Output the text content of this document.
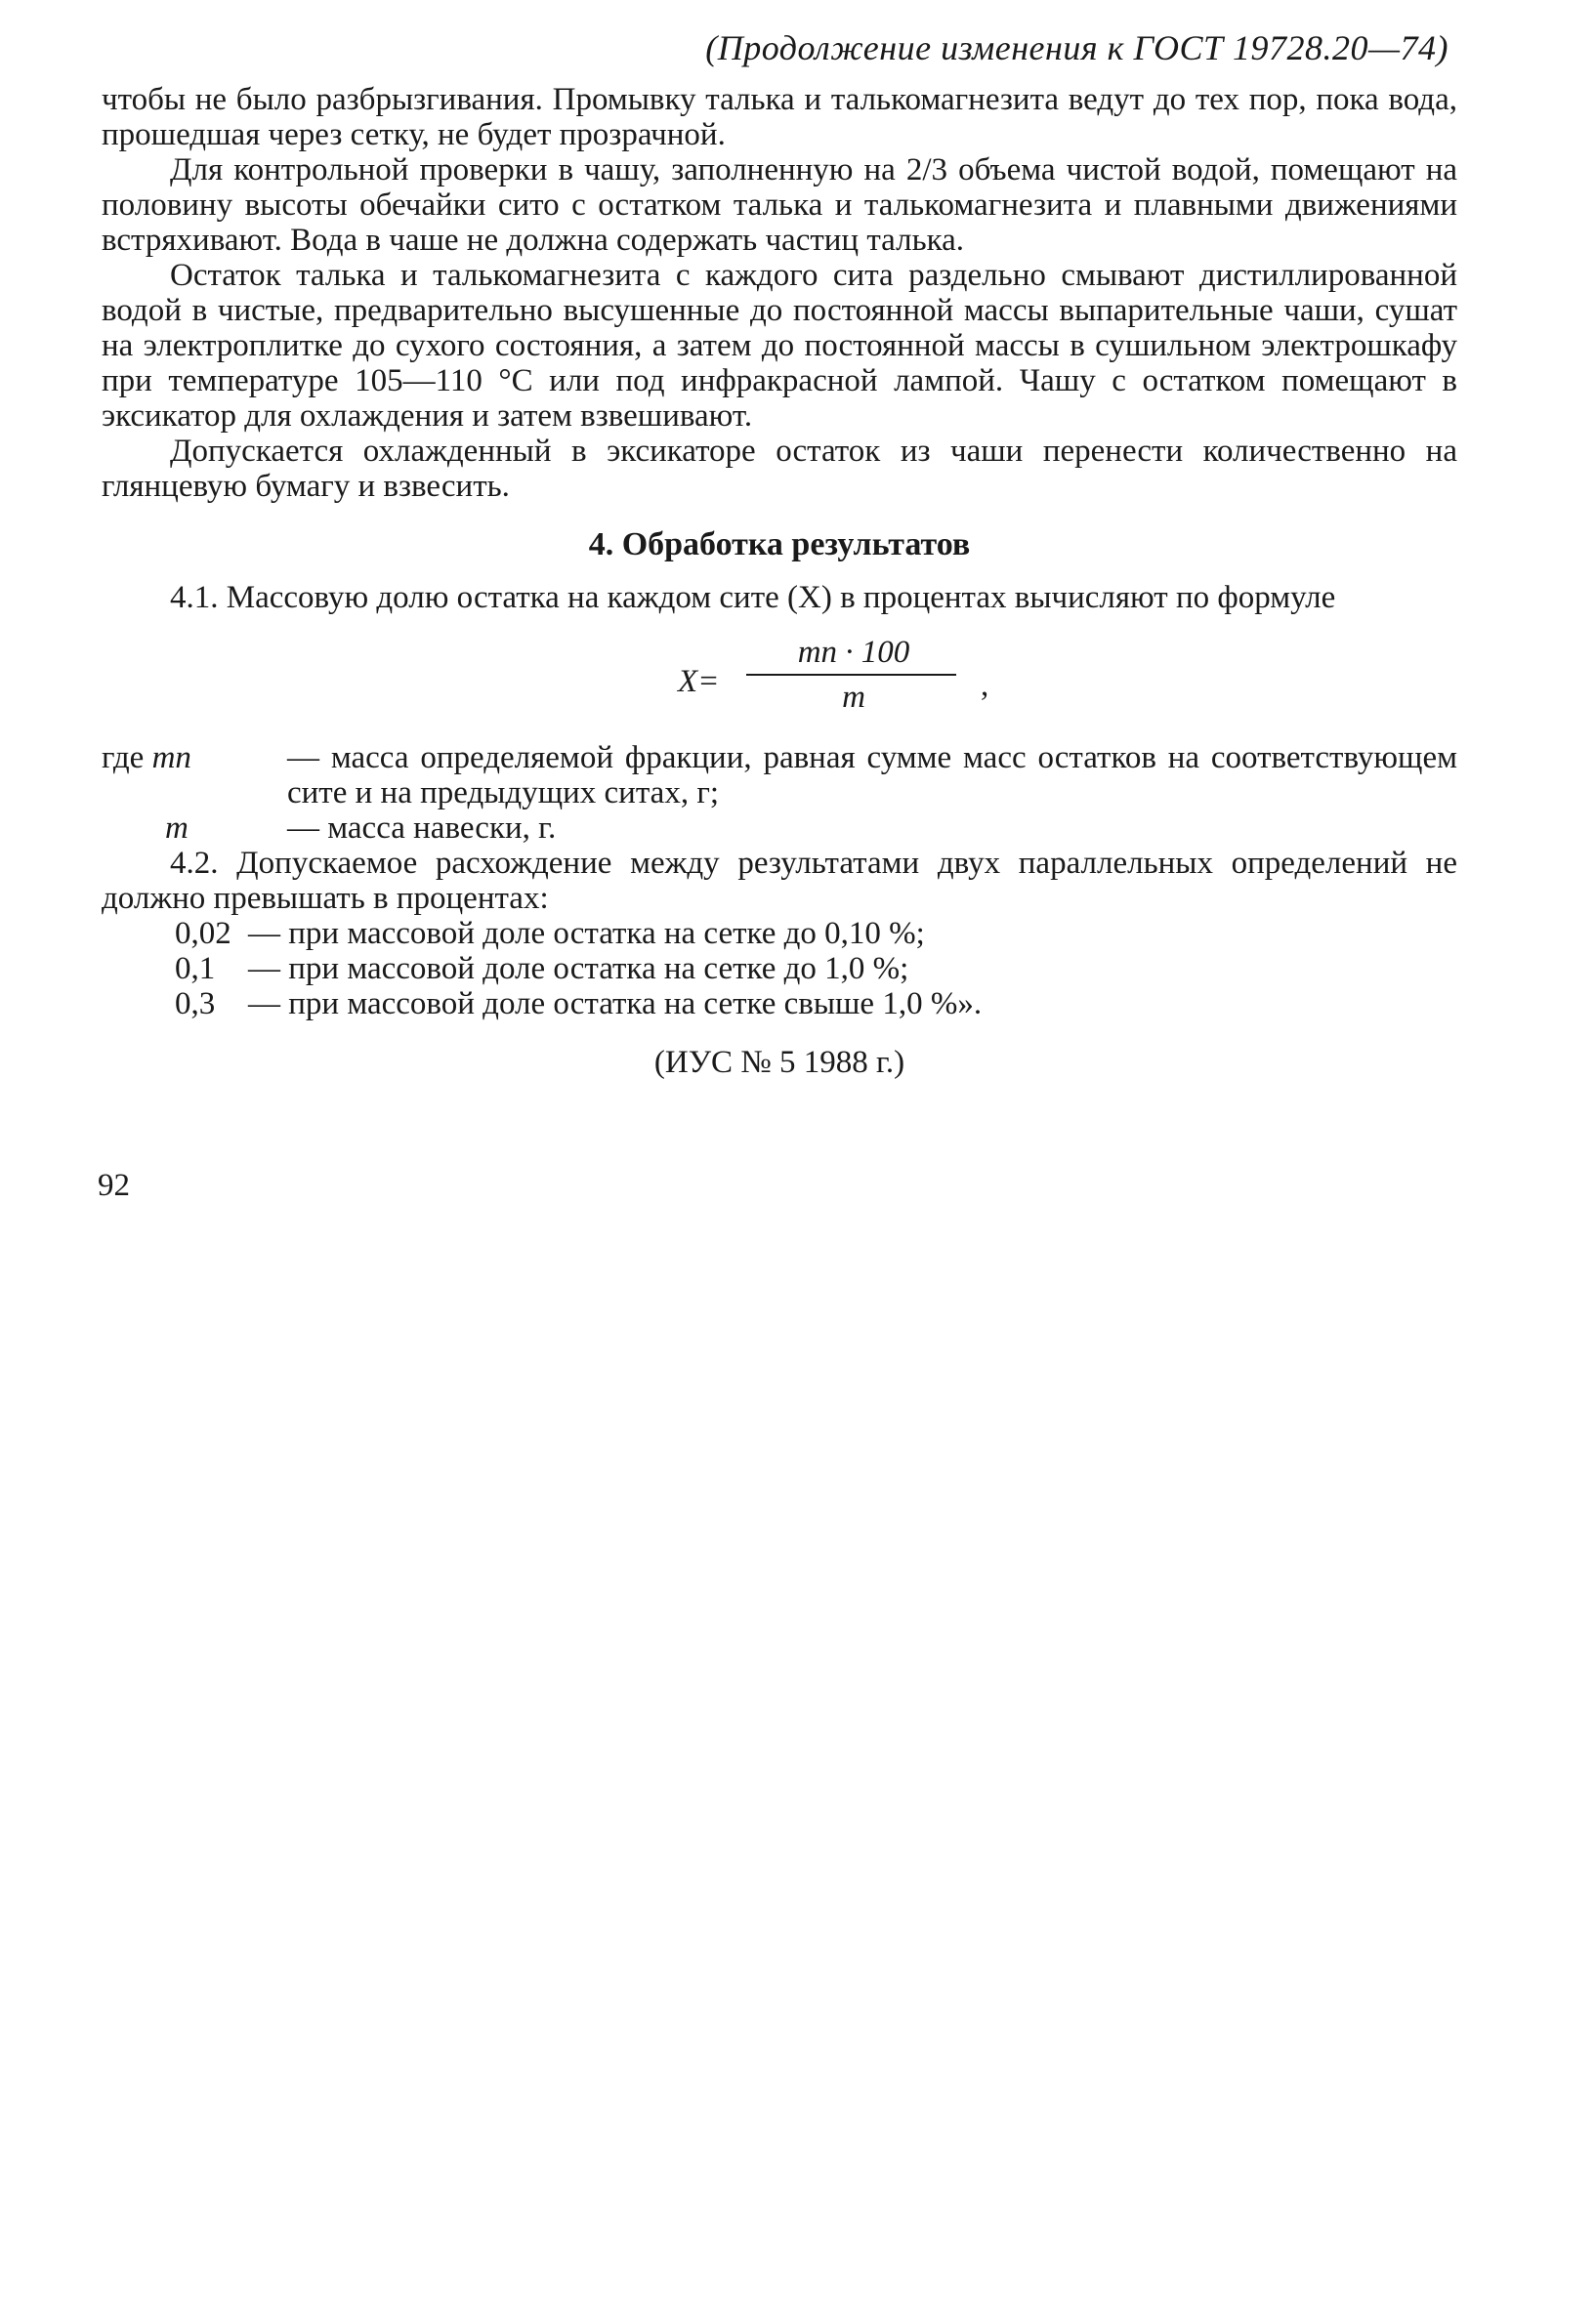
(Продолжение изменения к ГОСТ 19728.20—74)

чтобы не было разбрызгивания. Промывку талька и талькомагнезита ведут до тех пор, пока вода, прошедшая через сетку, не будет прозрачной.

Для контрольной проверки в чашу, заполненную на 2/3 объема чистой водой, помещают на половину высоты обечайки сито с остатком талька и талькомагнезита и плавными движениями встряхивают. Вода в чаше не должна содержать частиц талька.

Остаток талька и талькомагнезита с каждого сита раздельно смывают дистиллированной водой в чистые, предварительно высушенные до постоянной массы выпарительные чаши, сушат на электроплитке до сухого состояния, а затем до постоянной массы в сушильном электрошкафу при температуре 105—110 °С или под инфракрасной лампой. Чашу с остатком помещают в эксикатор для охлаждения и затем взвешивают.

Допускается охлажденный в эксикаторе остаток из чаши перенести количественно на глянцевую бумагу и взвесить.

4. Обработка результатов

4.1. Массовую долю остатка на каждом сите (X) в процентах вычисляют по формуле

X=
mn · 100
m	,
где mn	— масса определяемой фракции, равная сумме масс остатков на соответствующем сите и на предыдущих ситах, г;
m	— масса навески, г.

4.2. Допускаемое расхождение между результатами двух параллельных определений не должно превышать в процентах:

0,02 — при массовой доле остатка на сетке до 0,10 %;
0,1	— при массовой доле остатка на сетке до 1,0 %;
0,3	— при массовой доле остатка на сетке свыше 1,0 %».

(ИУС № 5 1988 г.)

92
